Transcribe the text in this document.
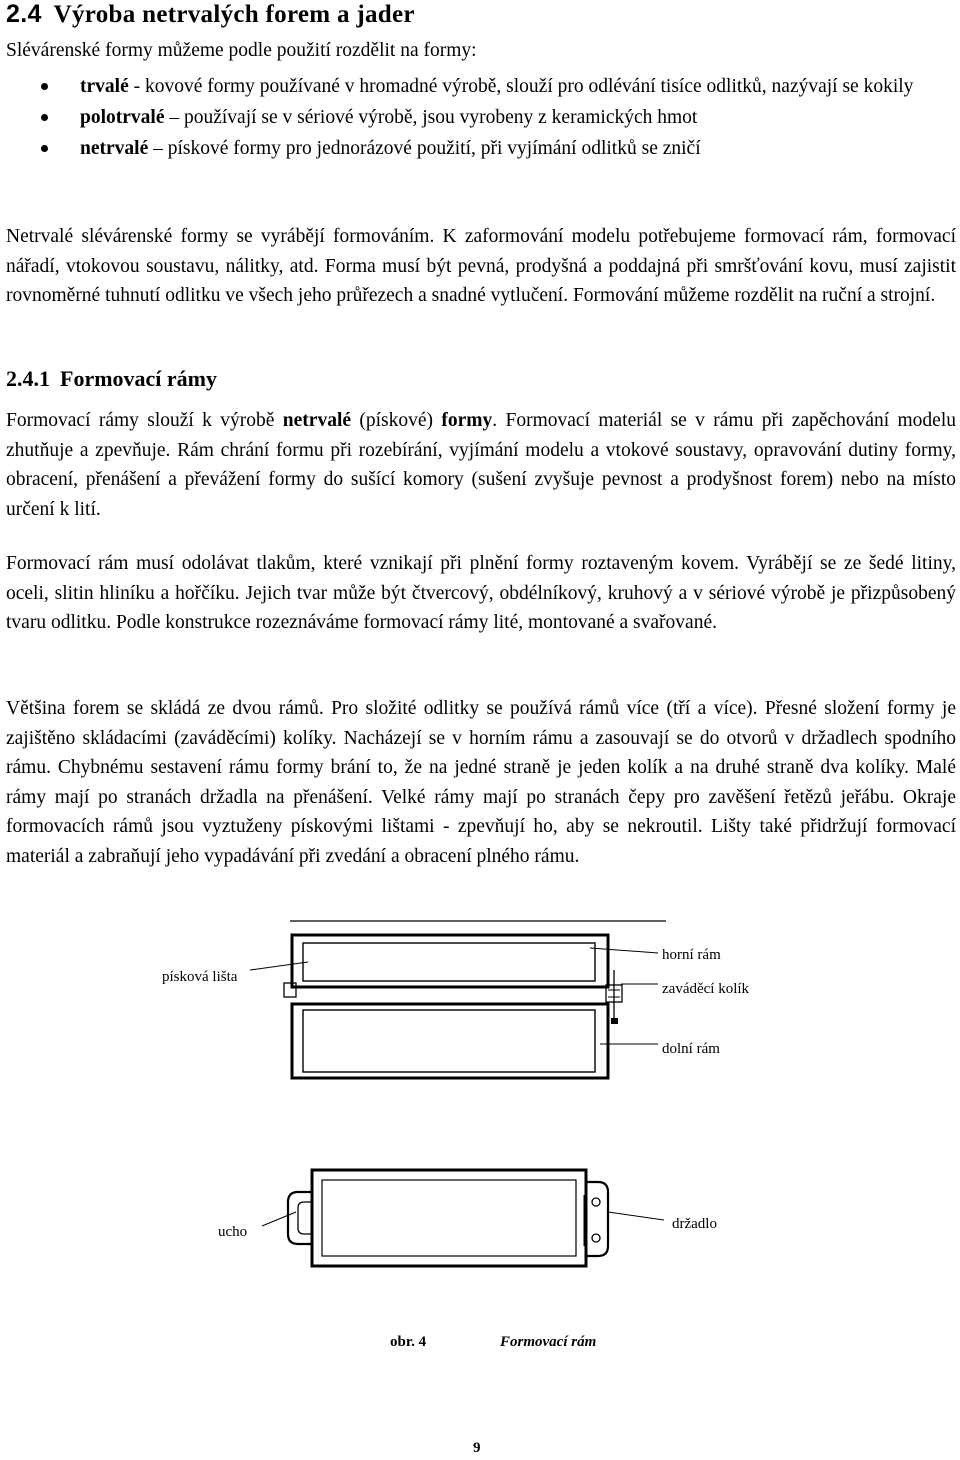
2.4 Výroba netrvalých forem a jader
Slévárenské formy můžeme podle použití rozdělit na formy:
trvalé - kovové formy používané v hromadné výrobě, slouží pro odlévání tisíce odlitků, nazývají se kokily
polotrvalé – používají se v sériové výrobě, jsou vyrobeny z keramických hmot
netrvalé – pískové formy pro jednorázové použití, při vyjímání odlitků se zničí

Netrvalé slévárenské formy se vyrábějí formováním. K zaformování modelu potřebujeme formovací rám, formovací nářadí, vtokovou soustavu, nálitky, atd. Forma musí být pevná, prodyšná a poddajná při smršťování kovu, musí zajistit rovnoměrné tuhnutí odlitku ve všech jeho průřezech a snadné vytlučení. Formování můžeme rozdělit na ruční a strojní.

2.4.1 Formovací rámy

Formovací rámy slouží k výrobě netrvalé (pískové) formy. Formovací materiál se v rámu při zapěchování modelu zhutňuje a zpevňuje. Rám chrání formu při rozebírání, vyjímání modelu a vtokové soustavy, opravování dutiny formy, obracení, přenášení a převážení formy do sušící komory (sušení zvyšuje pevnost a prodyšnost forem) nebo na místo určení k lití.

Formovací rám musí odolávat tlakům, které vznikají při plnění formy roztaveným kovem. Vyrábějí se ze šedé litiny, oceli, slitin hliníku a hořčíku. Jejich tvar může být čtvercový, obdélníkový, kruhový a v sériové výrobě je přizpůsobený tvaru odlitku. Podle konstrukce rozeznáváme formovací rámy lité, montované a svařované.

Většina forem se skládá ze dvou rámů. Pro složité odlitky se používá rámů více (tří a více). Přesné složení formy je zajištěno skládacími (zaváděcími) kolíky. Nacházejí se v horním rámu a zasouvají se do otvorů v držadlech spodního rámu. Chybnému sestavení rámu formy brání to, že na jedné straně je jeden kolík a na druhé straně dva kolíky. Malé rámy mají po stranách držadla na přenášení. Velké rámy mají po stranách čepy pro zavěšení řetězů jeřábu. Okraje formovacích rámů jsou vyztuženy pískovými lištami - zpevňují ho, aby se nekroutil. Lišty také přidržují formovací materiál a zabraňují jeho vypadávání při zvedání a obracení plného rámu.

písková lišta
horní rám
zaváděcí kolík
dolní rám
ucho	držadlo
obr. 4	Formovací rám
9
